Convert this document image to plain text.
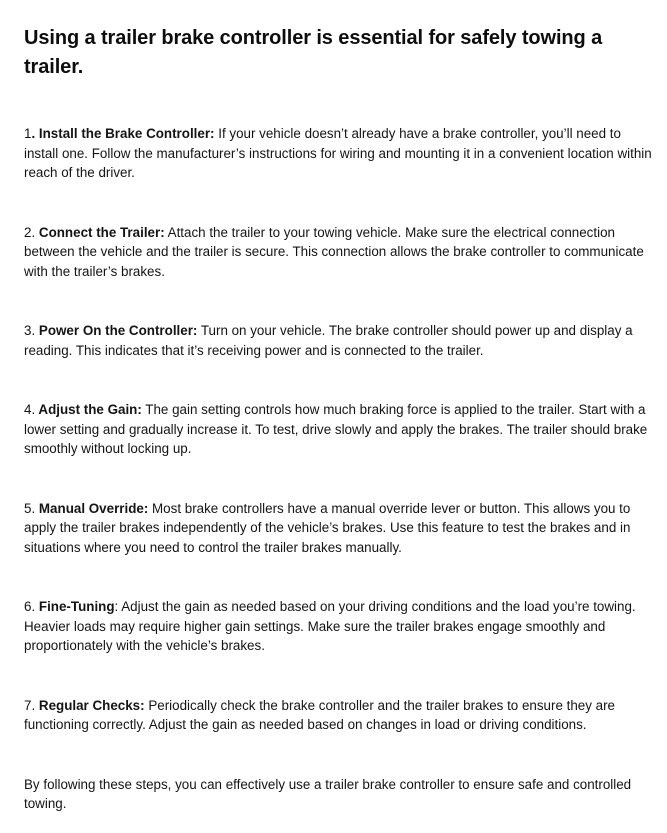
Using a trailer brake controller is essential for safely towing a trailer.

1. Install the Brake Controller: If your vehicle doesn’t already have a brake controller, you’ll need to install one. Follow the manufacturer’s instructions for wiring and mounting it in a convenient location within reach of the driver.

2. Connect the Trailer: Attach the trailer to your towing vehicle. Make sure the electrical connection between the vehicle and the trailer is secure. This connection allows the brake controller to communicate with the trailer’s brakes.

3. Power On the Controller: Turn on your vehicle. The brake controller should power up and display a reading. This indicates that it’s receiving power and is connected to the trailer.

4. Adjust the Gain: The gain setting controls how much braking force is applied to the trailer. Start with a lower setting and gradually increase it. To test, drive slowly and apply the brakes. The trailer should brake smoothly without locking up.

5. Manual Override: Most brake controllers have a manual override lever or button. This allows you to apply the trailer brakes independently of the vehicle’s brakes. Use this feature to test the brakes and in situations where you need to control the trailer brakes manually.

6. Fine-Tuning: Adjust the gain as needed based on your driving conditions and the load you’re towing. Heavier loads may require higher gain settings. Make sure the trailer brakes engage smoothly and proportionately with the vehicle’s brakes.

7. Regular Checks: Periodically check the brake controller and the trailer brakes to ensure they are functioning correctly. Adjust the gain as needed based on changes in load or driving conditions.

By following these steps, you can effectively use a trailer brake controller to ensure safe and controlled towing.
